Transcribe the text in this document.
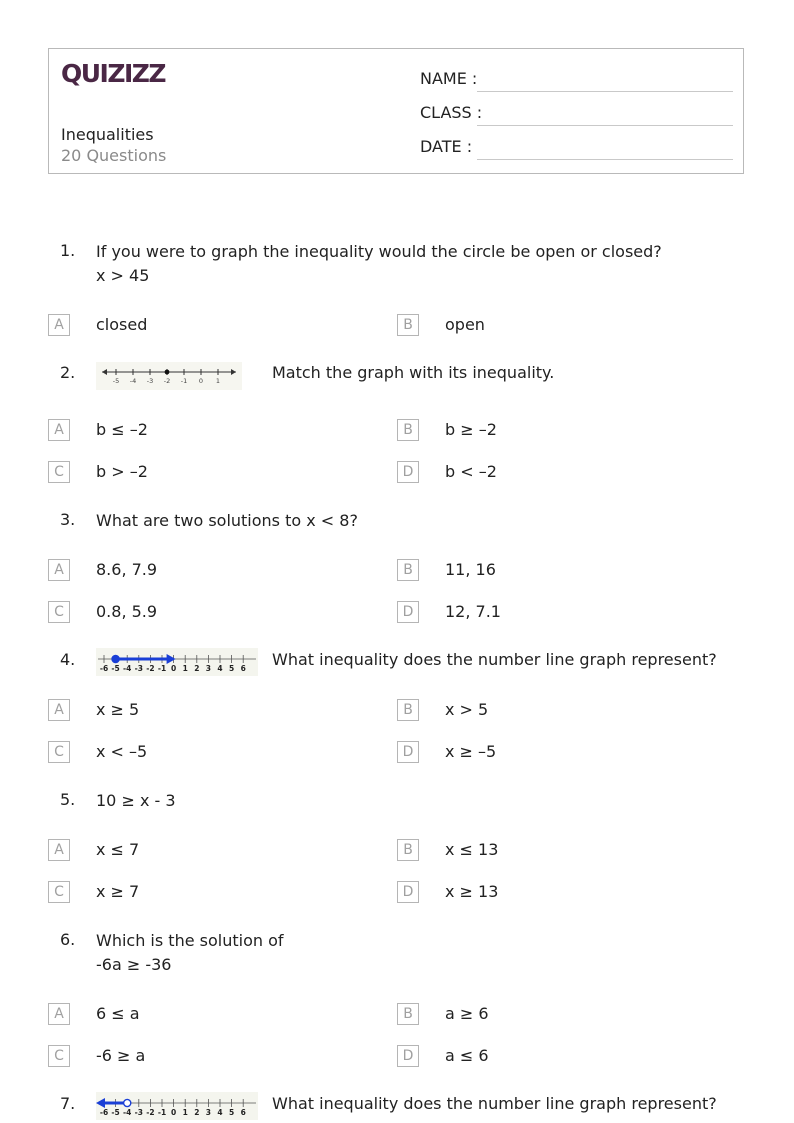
QUIZIZZ
Inequalities
20 Questions
NAME :
CLASS :
DATE :
1. If you were to graph the inequality would the circle be open or closed?
x > 45
A	closed	B	open
2.	-5 -4 -3 -2 -1 0 1	Match the graph with its inequality.
A	b ≤ –2	B	b ≥ –2
C	b > –2	D	b < –2
3. What are two solutions to x < 8?
A	8.6, 7.9	B	11, 16
C	0.8, 5.9	D	12, 7.1
4.	-6 -5 -4 -3 -2 -1 0 1 2 3 4 5 6 What inequality does the number line graph represent?
A	x ≥ 5	B	x > 5
C	x < –5	D	x ≥ –5
5. 10 ≥ x - 3
A	x ≤ 7	B	x ≤ 13
C	x ≥ 7	D	x ≥ 13
6. Which is the solution of
-6a ≥ -36
A	6 ≤ a	B	a ≥ 6
C	-6 ≥ a	D	a ≤ 6
7.	-6 -5 -4 -3 -2 -1 0 1 2 3 4 5 6 What inequality does the number line graph represent?
